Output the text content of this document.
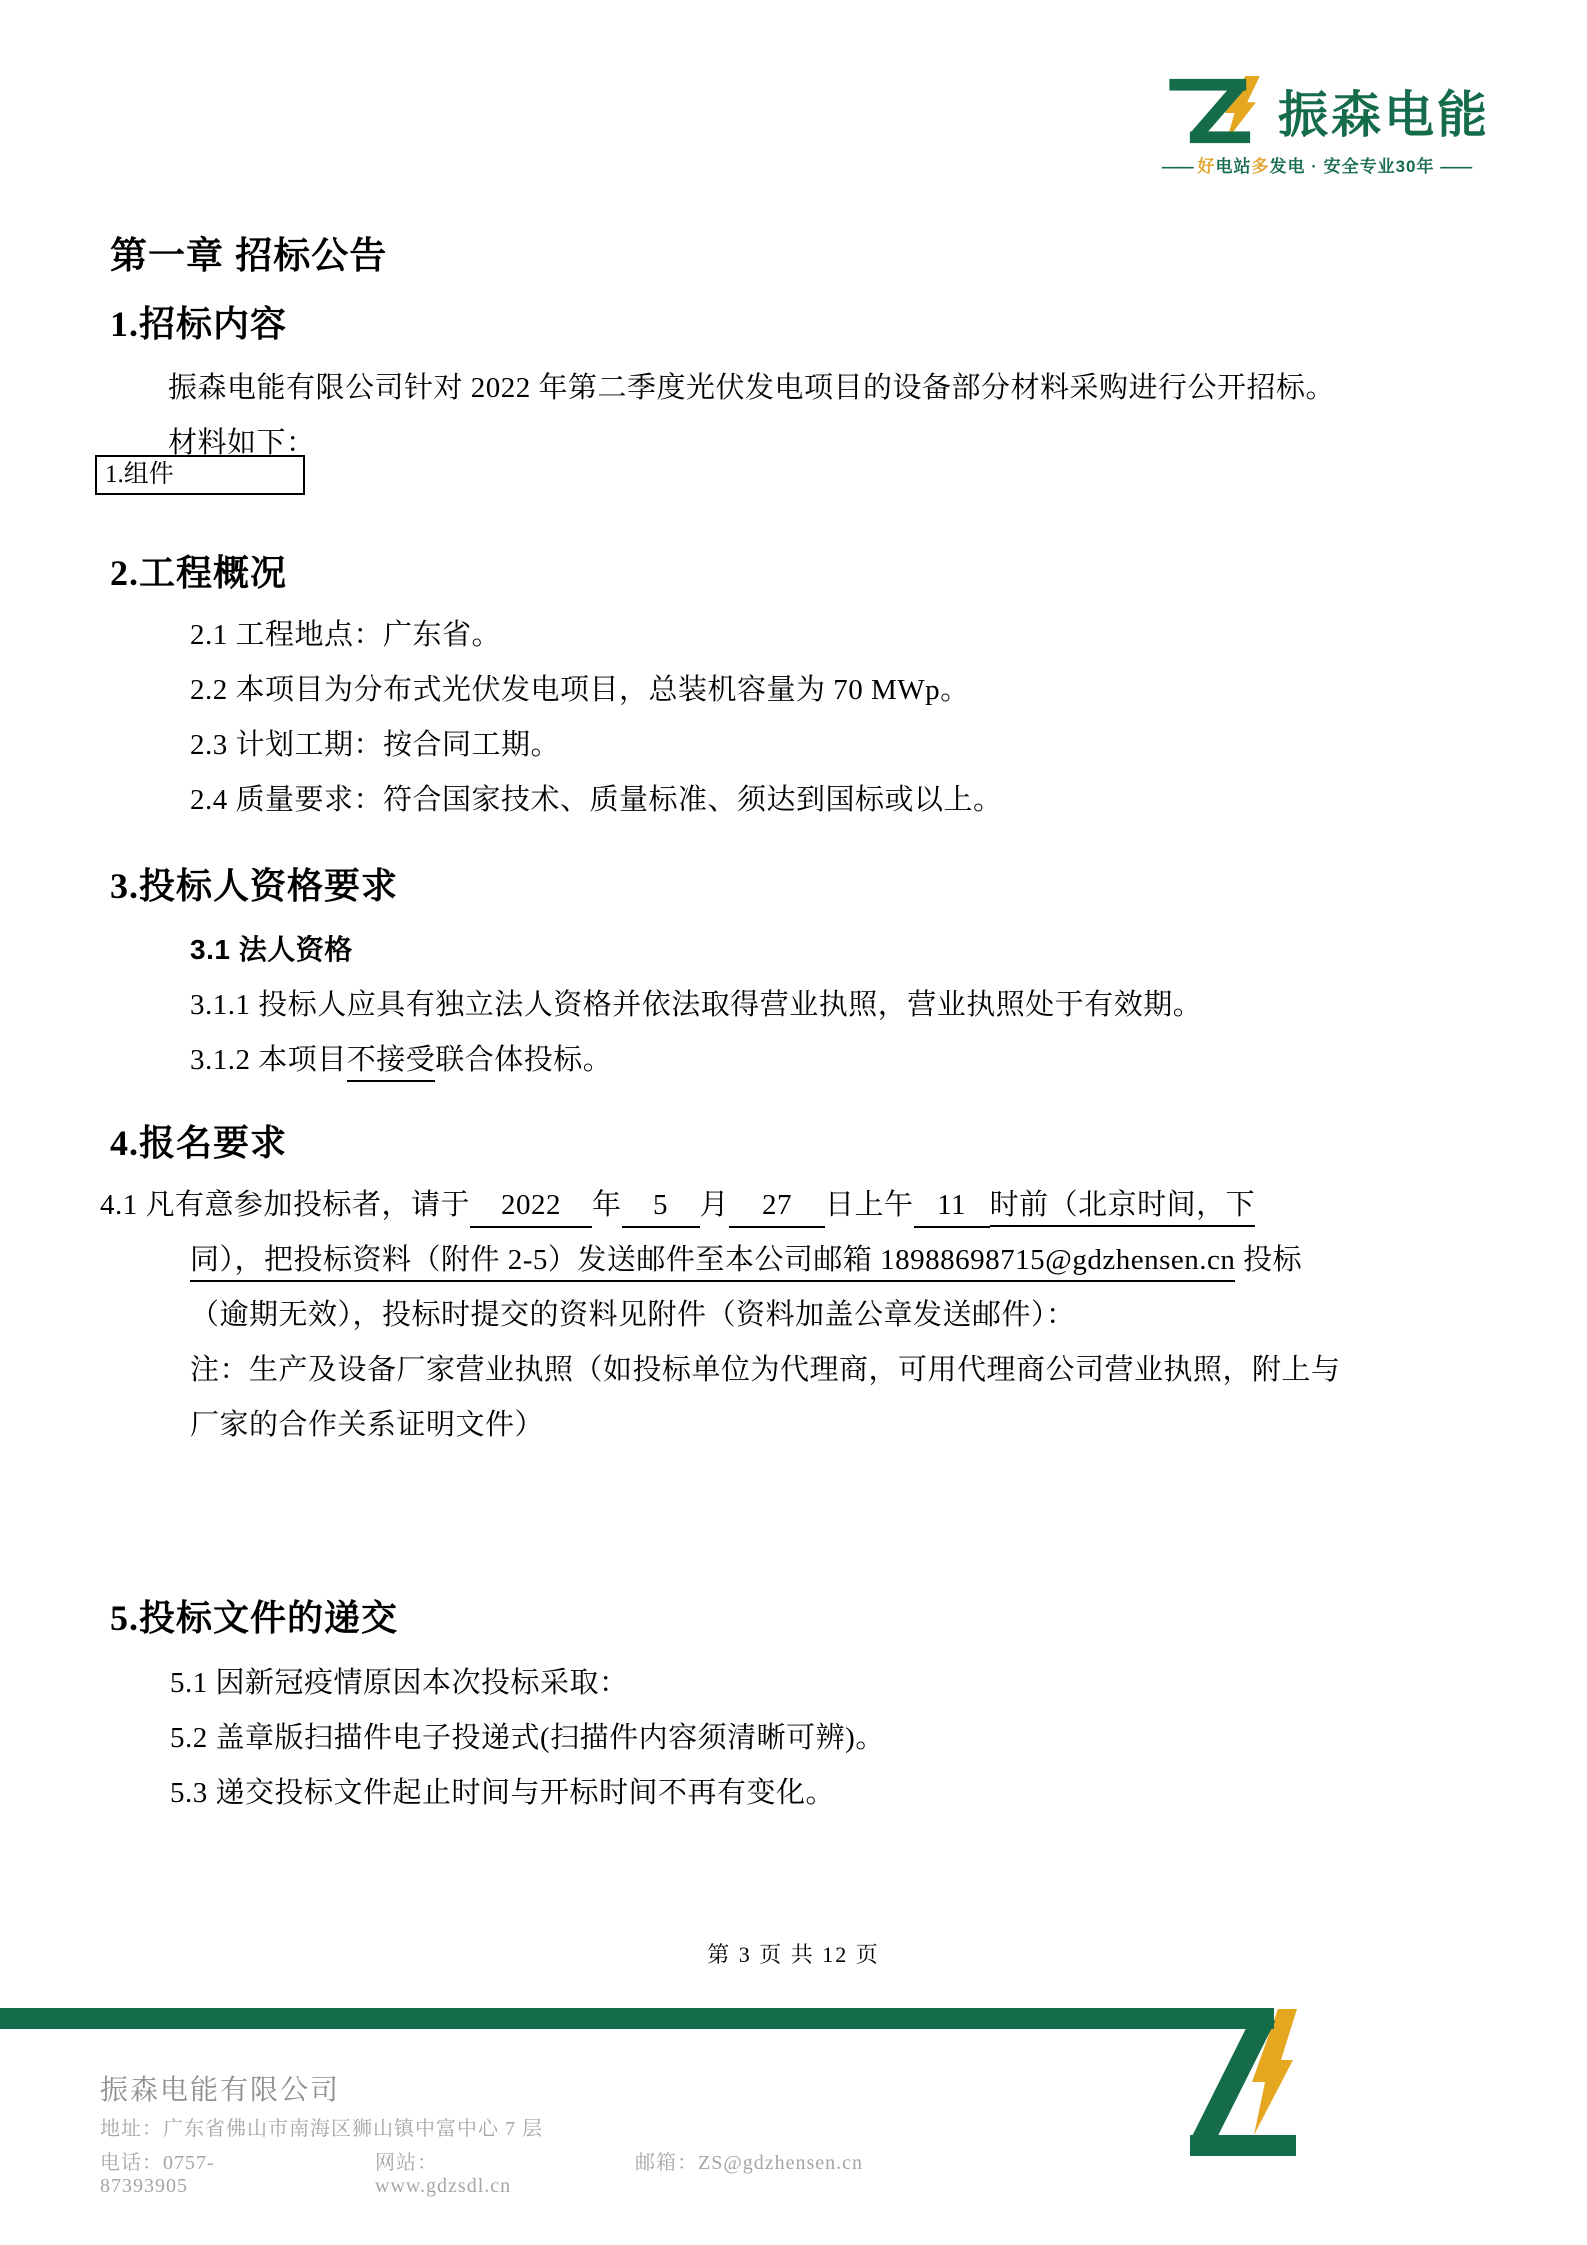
振森电能
—— 好电站多发电 · 安全专业30年 ——
第一章 招标公告
1.招标内容
振森电能有限公司针对 2022 年第二季度光伏发电项目的设备部分材料采购进行公开招标。
材料如下：
1.组件
2.工程概况
2.1 工程地点：广东省。
2.2 本项目为分布式光伏发电项目，总装机容量为 70 MWp。
2.3 计划工期：按合同工期。
2.4 质量要求：符合国家技术、质量标准、须达到国标或以上。
3.投标人资格要求
3.1 法人资格
3.1.1 投标人应具有独立法人资格并依法取得营业执照，营业执照处于有效期。
3.1.2 本项目不接受联合体投标。
4.报名要求
4.1 凡有意参加投标者，请于 2022 年 5 月 27 日上午 11 时前（北京时间，下
同），把投标资料（附件 2-5）发送邮件至本公司邮箱 18988698715@gdzhensen.cn 投标
（逾期无效），投标时提交的资料见附件（资料加盖公章发送邮件）：
注：生产及设备厂家营业执照（如投标单位为代理商，可用代理商公司营业执照，附上与
厂家的合作关系证明文件）
5.投标文件的递交
5.1 因新冠疫情原因本次投标采取：
5.2 盖章版扫描件电子投递式(扫描件内容须清晰可辨)。
5.3 递交投标文件起止时间与开标时间不再有变化。
第 3 页 共 12 页
振森电能有限公司
地址：广东省佛山市南海区狮山镇中富中心 7 层
电话：0757-87393905
网站：www.gdzsdl.cn
邮箱：ZS@gdzhensen.cn
